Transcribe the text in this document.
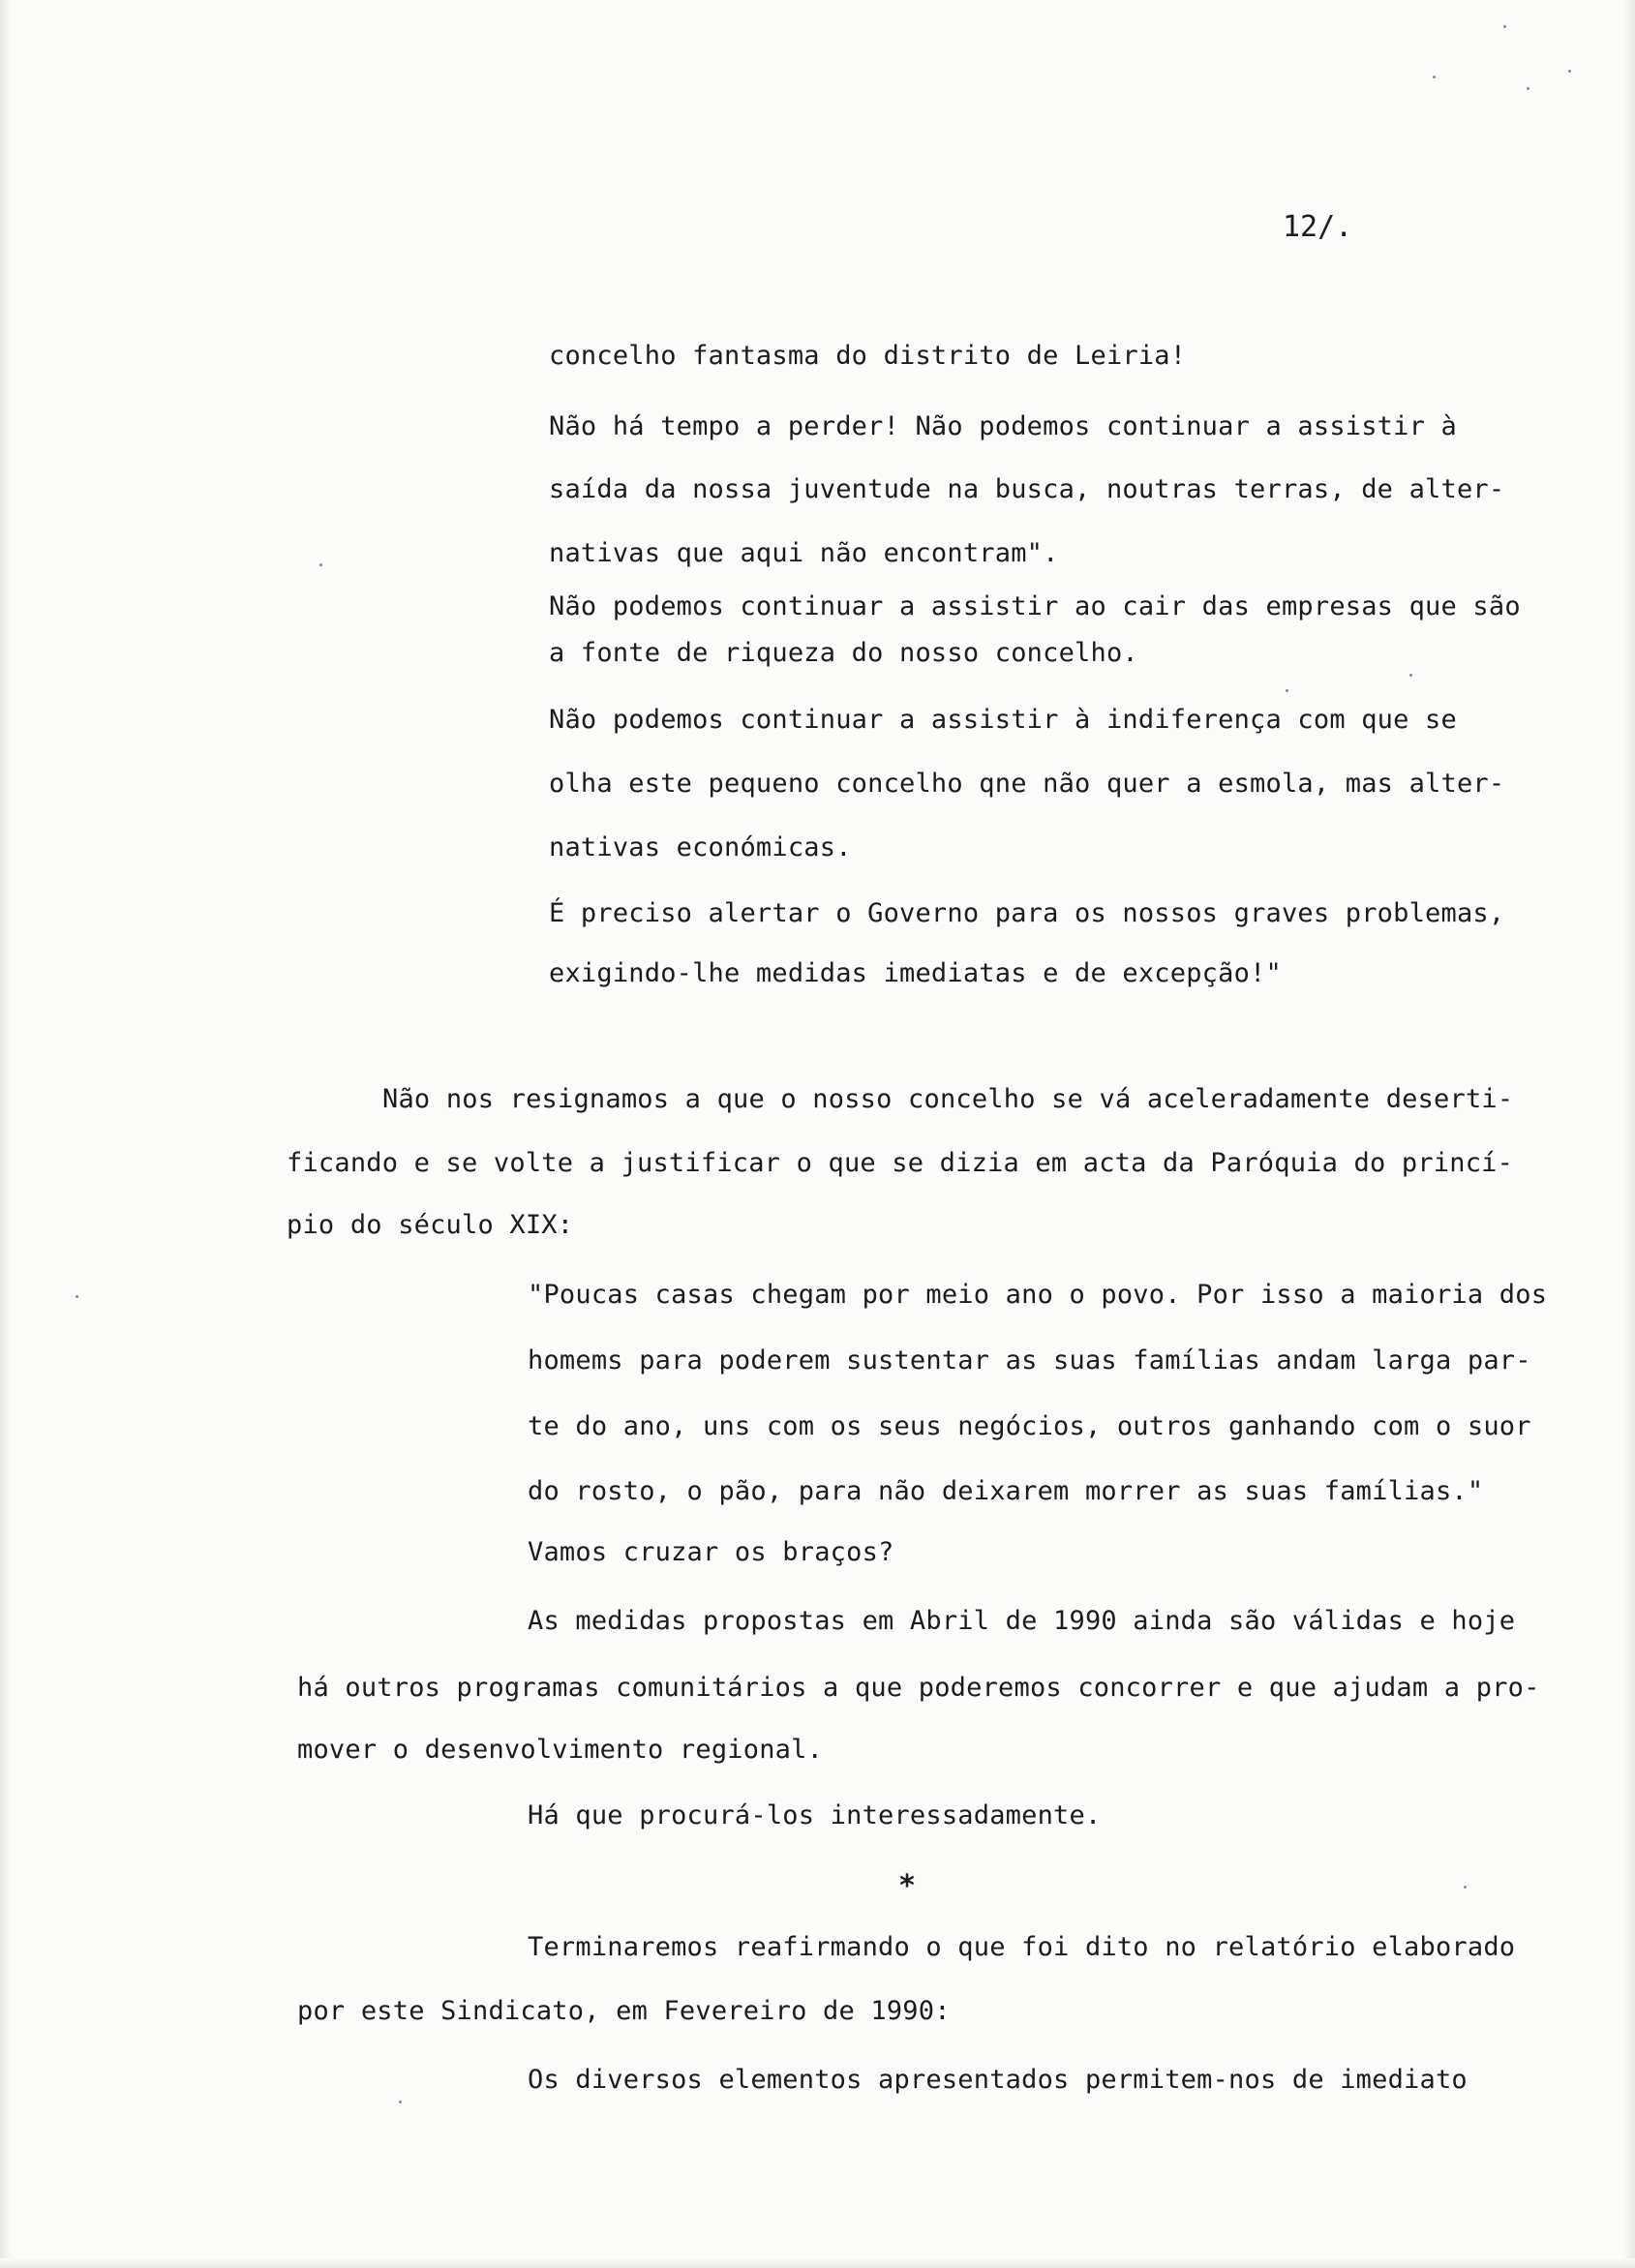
12/.
concelho fantasma do distrito de Leiria!
Não há tempo a perder! Não podemos continuar a assistir à
saída da nossa juventude na busca, noutras terras, de alter-
nativas que aqui não encontram".
Não podemos continuar a assistir ao cair das empresas que são
a fonte de riqueza do nosso concelho.
Não podemos continuar a assistir à indiferença com que se
olha este pequeno concelho qne não quer a esmola, mas alter-
nativas económicas.
É preciso alertar o Governo para os nossos graves problemas,
exigindo-lhe medidas imediatas e de excepção!"
Não nos resignamos a que o nosso concelho se vá aceleradamente deserti-
ficando e se volte a justificar o que se dizia em acta da Paróquia do princí-
pio do século XIX:
"Poucas casas chegam por meio ano o povo. Por isso a maioria dos
homems para poderem sustentar as suas famílias andam larga par-
te do ano, uns com os seus negócios, outros ganhando com o suor
do rosto, o pão, para não deixarem morrer as suas famílias."
Vamos cruzar os braços?
As medidas propostas em Abril de 1990 ainda são válidas e hoje
há outros programas comunitários a que poderemos concorrer e que ajudam a pro-
mover o desenvolvimento regional.
Há que procurá-los interessadamente.
*
Terminaremos reafirmando o que foi dito no relatório elaborado
por este Sindicato, em Fevereiro de 1990:
Os diversos elementos apresentados permitem-nos de imediato
